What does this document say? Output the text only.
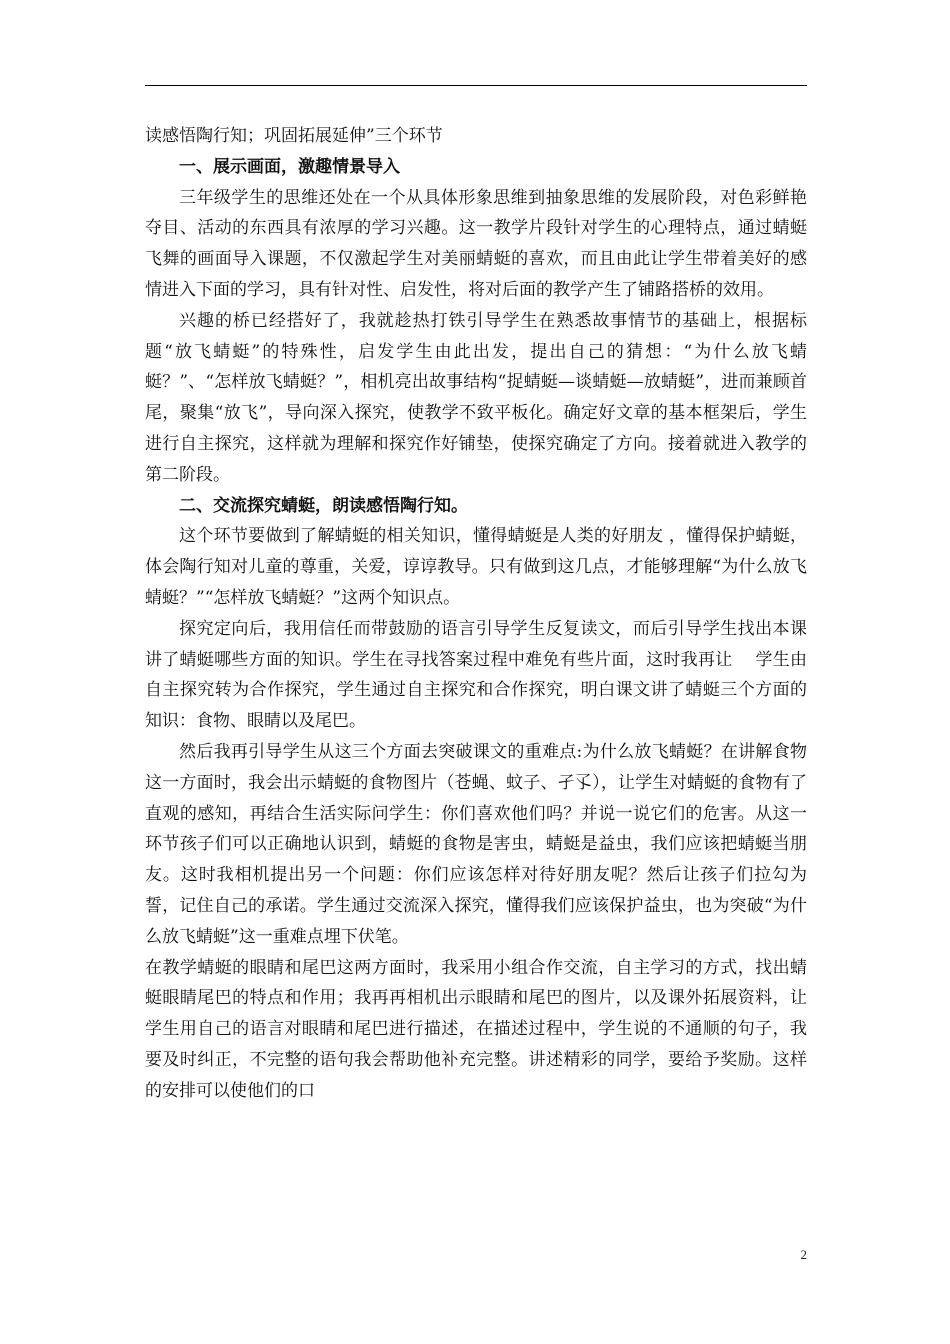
读感悟陶行知；巩固拓展延伸”三个环节

一、展示画面，激趣情景导入

三年级学生的思维还处在一个从具体形象思维到抽象思维的发展阶段，对色彩鲜艳夺目、活动的东西具有浓厚的学习兴趣。这一教学片段针对学生的心理特点，通过蜻蜓飞舞的画面导入课题，不仅激起学生对美丽蜻蜓的喜欢，而且由此让学生带着美好的感情进入下面的学习，具有针对性、启发性，将对后面的教学产生了铺路搭桥的效用。

兴趣的桥已经搭好了，我就趁热打铁引导学生在熟悉故事情节的基础上，根据标题“放飞蜻蜓”的特殊性，启发学生由此出发，提出自己的猜想：“为什么放飞蜻蜓？”、“怎样放飞蜻蜓？”，相机亮出故事结构“捉蜻蜓—谈蜻蜓—放蜻蜓”，进而兼顾首尾，聚集“放飞”，导向深入探究，使教学不致平板化。确定好文章的基本框架后，学生进行自主探究，这样就为理解和探究作好铺垫，使探究确定了方向。接着就进入教学的第二阶段。

二、交流探究蜻蜓，朗读感悟陶行知。

这个环节要做到了解蜻蜓的相关知识，懂得蜻蜓是人类的好朋友 ，懂得保护蜻蜓，体会陶行知对儿童的尊重，关爱，谆谆教导。只有做到这几点，才能够理解“为什么放飞蜻蜓？”“怎样放飞蜻蜓？”这两个知识点。

探究定向后，我用信任而带鼓励的语言引导学生反复读文，而后引导学生找出本课讲了蜻蜓哪些方面的知识。学生在寻找答案过程中难免有些片面，这时我再让　 学生由自主探究转为合作探究，学生通过自主探究和合作探究，明白课文讲了蜻蜓三个方面的知识：食物、眼睛以及尾巴。

然后我再引导学生从这三个方面去突破课文的重难点:为什么放飞蜻蜓？在讲解食物这一方面时，我会出示蜻蜓的食物图片（苍蝇、蚊子、孑孓），让学生对蜻蜓的食物有了直观的感知，再结合生活实际问学生：你们喜欢他们吗？并说一说它们的危害。从这一环节孩子们可以正确地认识到，蜻蜓的食物是害虫，蜻蜓是益虫，我们应该把蜻蜓当朋友。这时我相机提出另一个问题：你们应该怎样对待好朋友呢？然后让孩子们拉勾为誓，记住自己的承诺。学生通过交流深入探究，懂得我们应该保护益虫，也为突破“为什么放飞蜻蜓”这一重难点埋下伏笔。

在教学蜻蜓的眼睛和尾巴这两方面时，我采用小组合作交流，自主学习的方式，找出蜻蜓眼睛尾巴的特点和作用；我再再相机出示眼睛和尾巴的图片，以及课外拓展资料，让学生用自己的语言对眼睛和尾巴进行描述，在描述过程中，学生说的不通顺的句子，我要及时纠正，不完整的语句我会帮助他补充完整。讲述精彩的同学，要给予奖励。这样的安排可以使他们的口

2
